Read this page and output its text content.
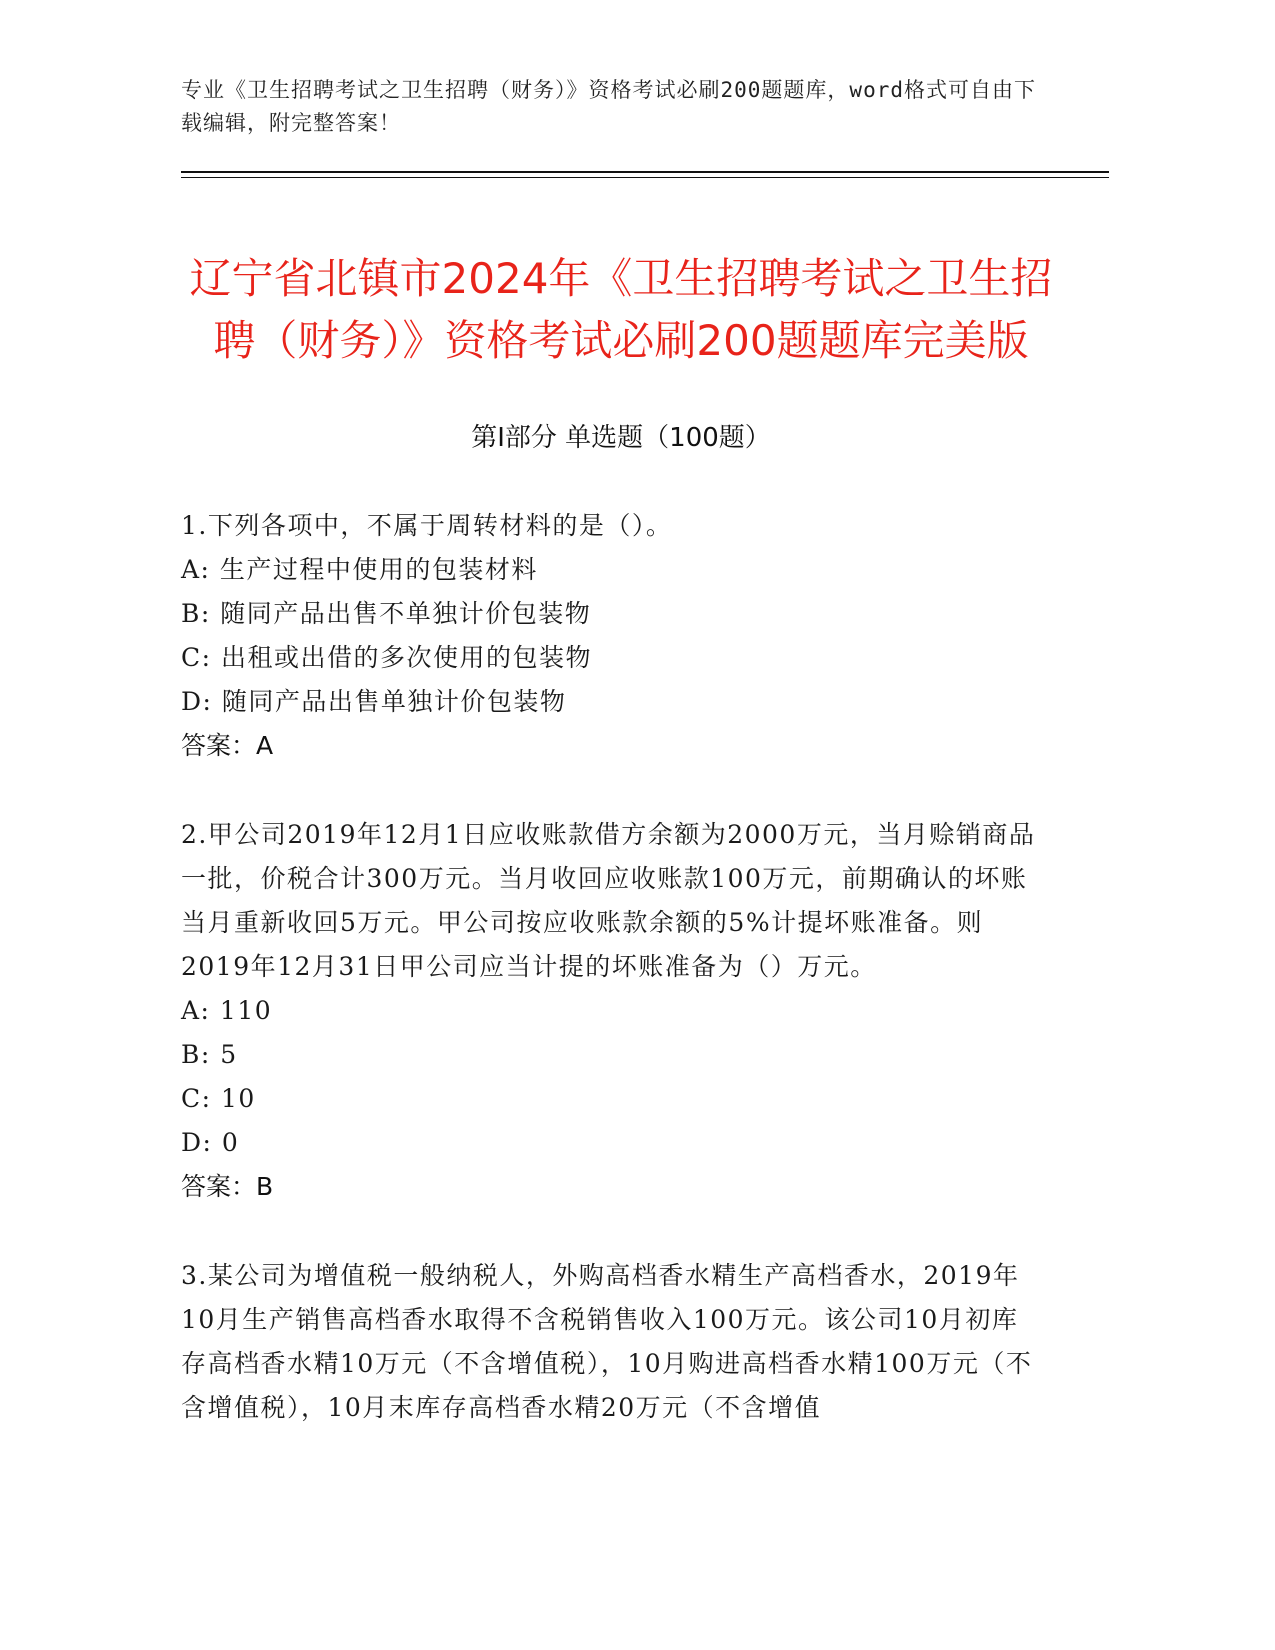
专业《卫生招聘考试之卫生招聘（财务）》资格考试必刷200题题库，word格式可自由下载编辑，附完整答案！
辽宁省北镇市2024年《卫生招聘考试之卫生招聘（财务）》资格考试必刷200题题库完美版
第Ⅰ部分 单选题（100题）
1.下列各项中，不属于周转材料的是（）。
A: 生产过程中使用的包装材料
B: 随同产品出售不单独计价包装物
C: 出租或出借的多次使用的包装物
D: 随同产品出售单独计价包装物
答案：A
2.甲公司2019年12月1日应收账款借方余额为2000万元，当月赊销商品一批，价税合计300万元。当月收回应收账款100万元，前期确认的坏账当月重新收回5万元。甲公司按应收账款余额的5%计提坏账准备。则2019年12月31日甲公司应当计提的坏账准备为（）万元。
A: 110
B: 5
C: 10
D: 0
答案：B
3.某公司为增值税一般纳税人，外购高档香水精生产高档香水，2019年10月生产销售高档香水取得不含税销售收入100万元。该公司10月初库存高档香水精10万元（不含增值税），10月购进高档香水精100万元（不含增值税），10月末库存高档香水精20万元（不含增值
